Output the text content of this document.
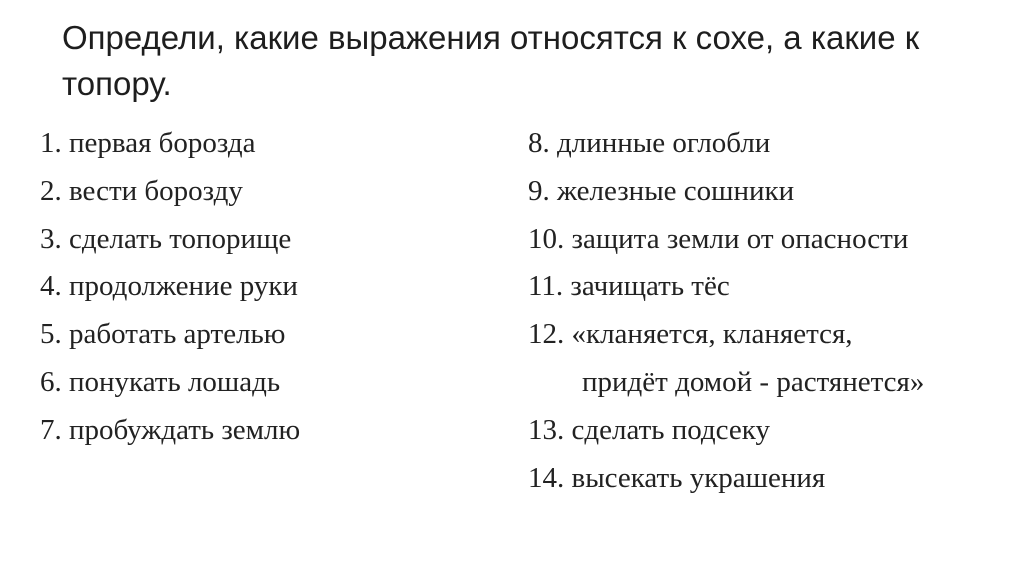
Определи, какие выражения относятся к сохе, а какие к топору.
1. первая борозда
2. вести борозду
3. сделать топорище
4. продолжение руки
5. работать артелью
6. понукать лошадь
7. пробуждать землю
8. длинные оглобли
9. железные сошники
10. защита земли от опасности
11. зачищать тёс
12. «кланяется, кланяется,
придёт домой - растянется»
13. сделать подсеку
14. высекать украшения
